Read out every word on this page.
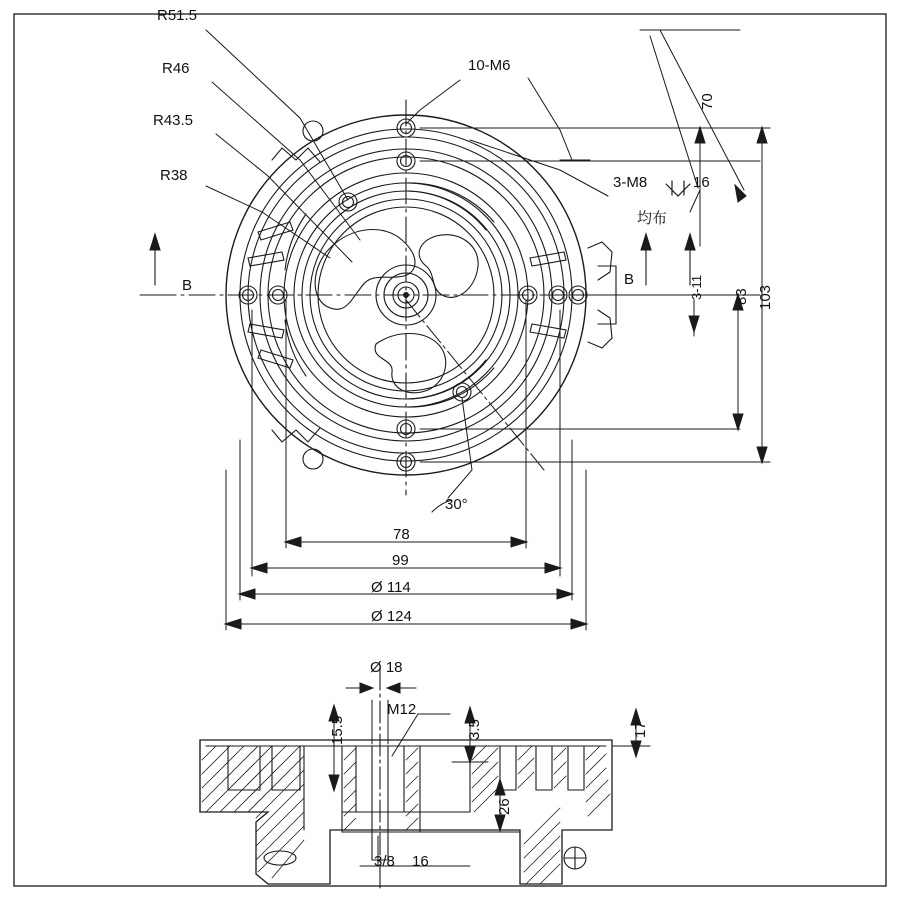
R51.5
R46
R43.5
R38
10-M6
3-M8	16
均布
B	B
30°
70
103
83
3-11
78
99
Ø 114
Ø 124
Ø 18
15.5
M12
3.5	17
26
3/8 16
